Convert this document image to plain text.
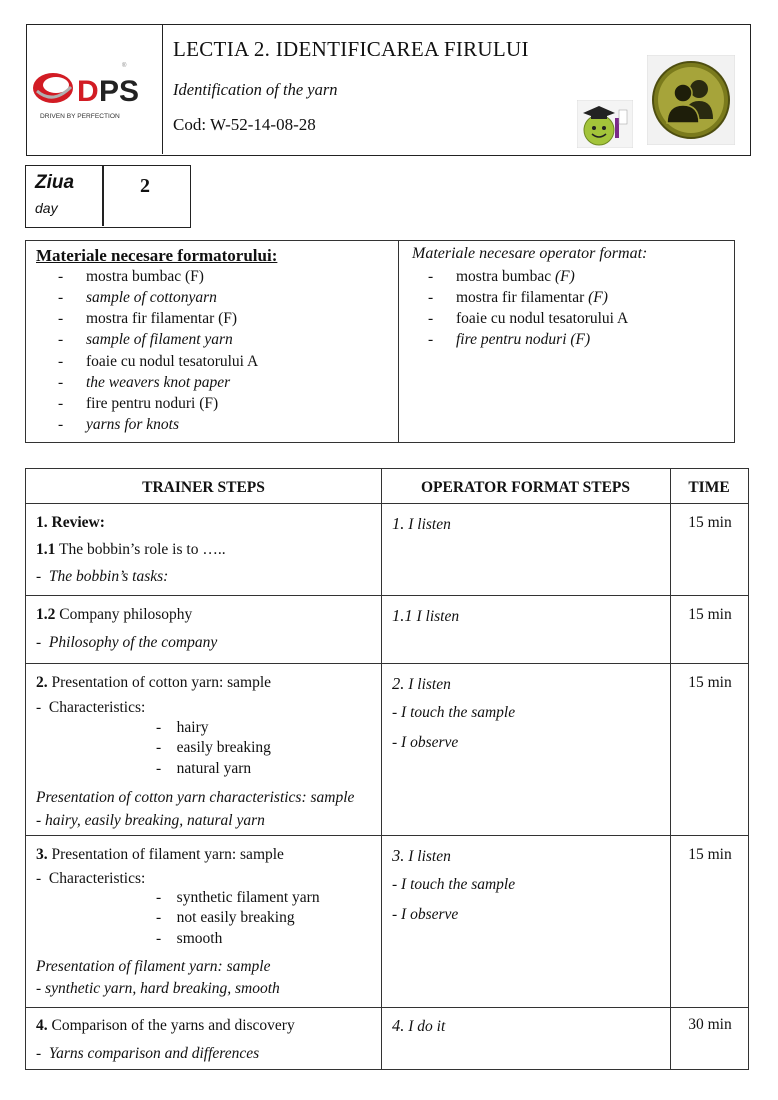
D PS
®
DRIVEN BY PERFECTION
LECTIA 2. IDENTIFICAREA FIRULUI
Identification of the yarn
Cod: W-52-14-08-28
Ziua
day
2
Materiale necesare formatorului:
- mostra bumbac (F)
- sample of cottonyarn
- mostra fir filamentar (F)
- sample of filament yarn
- foaie cu nodul tesatorului A
- the weavers knot paper
- fire pentru noduri (F)
- yarns for knots
Materiale necesare operator format:
- mostra bumbac (F)
- mostra fir filamentar (F)
- foaie cu nodul tesatorului A
- fire pentru noduri (F)
TRAINER STEPS	OPERATOR FORMAT STEPS	TIME
1. Review:
1.1 The bobbin’s role is to …..
-  The bobbin’s tasks:
1. I listen	15 min
1.2 Company philosophy
-  Philosophy of the company
1.1 I listen	15 min
2. Presentation of cotton yarn: sample
-  Characteristics:
-    hairy
-    easily breaking
-    natural yarn
Presentation of cotton yarn characteristics: sample
- hairy, easily breaking, natural yarn
2. I listen
- I touch the sample
- I observe
15 min
3. Presentation of filament yarn: sample
-  Characteristics:
-    synthetic filament yarn
-    not easily breaking
-    smooth
Presentation of filament yarn: sample
- synthetic yarn, hard breaking, smooth
3. I listen
- I touch the sample
- I observe
15 min
4. Comparison of the yarns and discovery
-  Yarns comparison and differences
4. I do it	30 min
